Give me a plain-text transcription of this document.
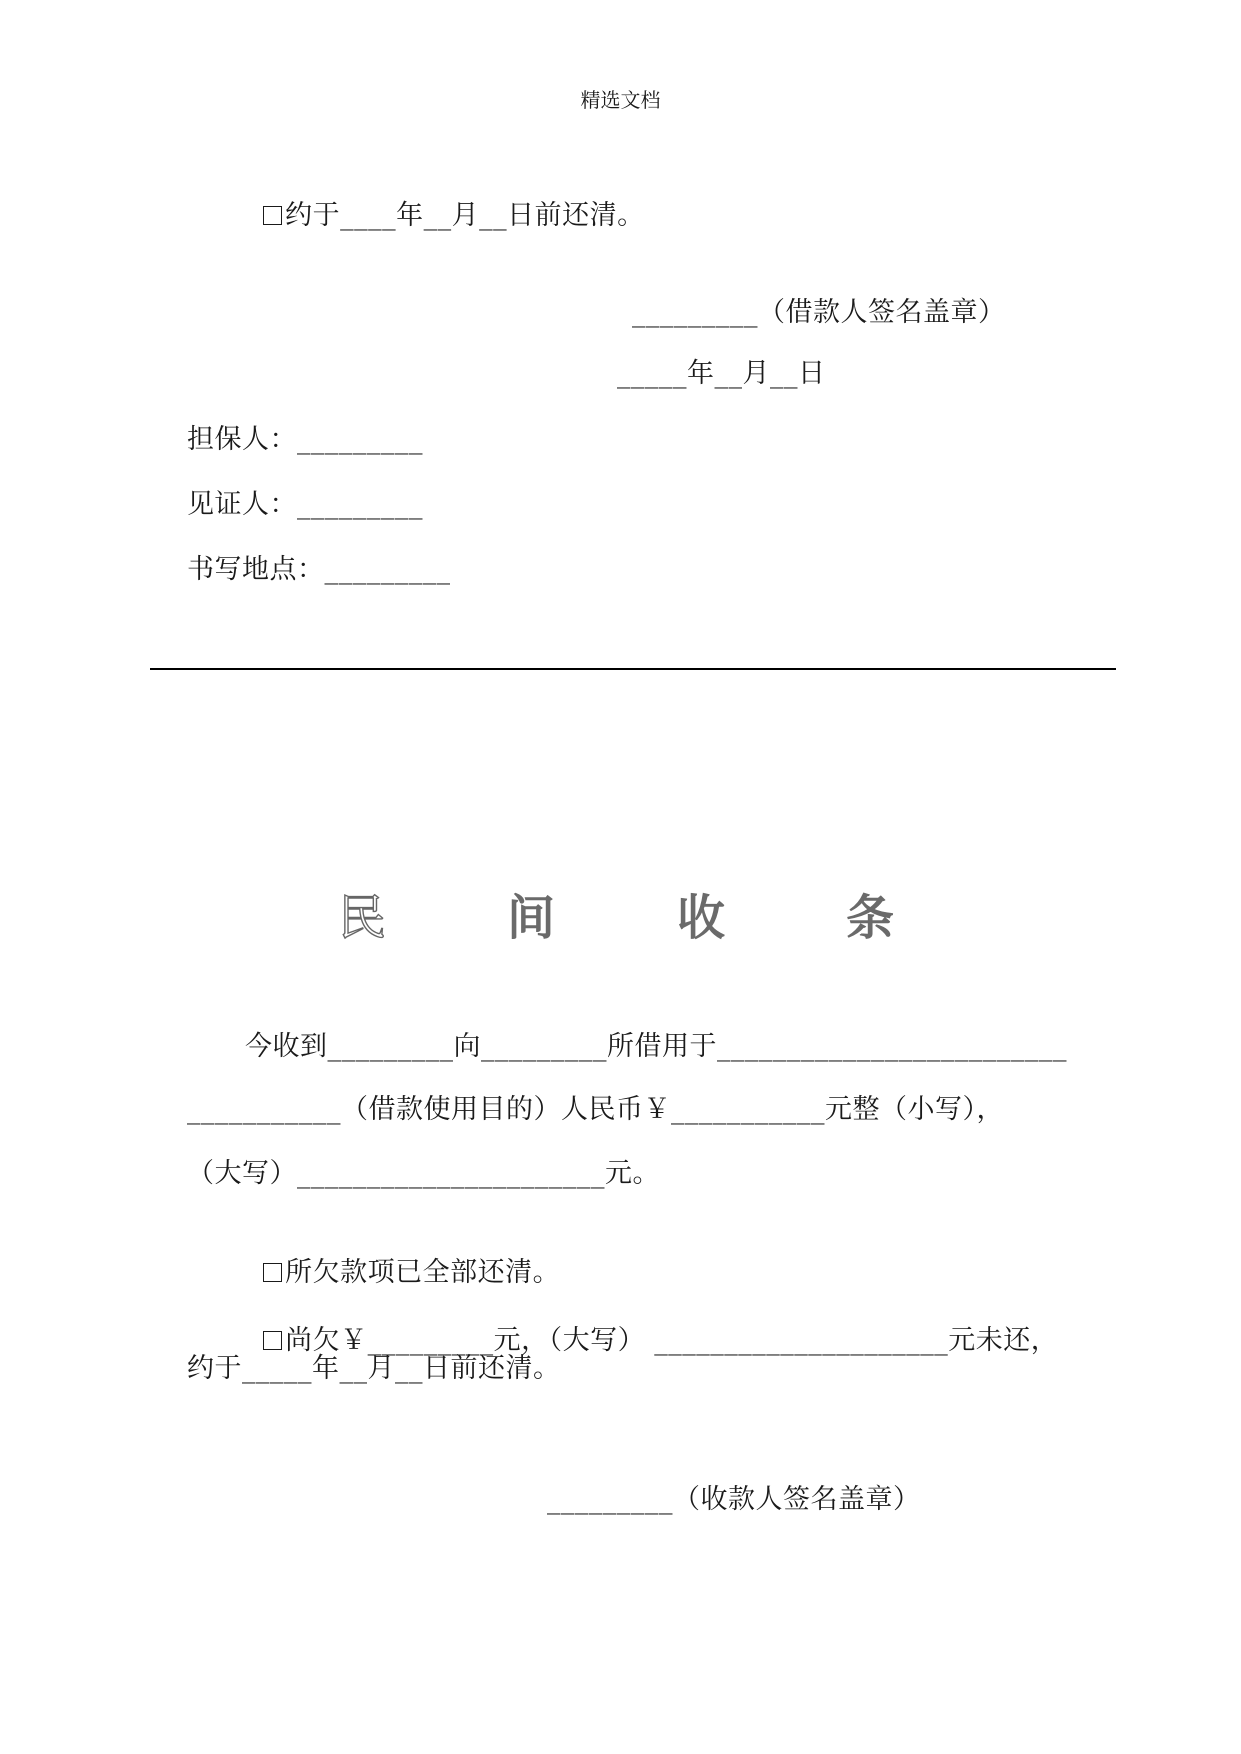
精选文档

约于____年__月__日前还清。

_________（借款人签名盖章）
_____年__月__日
担保人：_________
见证人：_________
书写地点：_________
民	间	收	条
今收到_________向_________所借用于_________________________
___________（借款使用目的）人民币￥___________元整（小写），
（大写）______________________元。

所欠款项已全部还清。

尚欠￥_________元，（大写） _____________________元未还，

约于_____年__月__日前还清。
_________（收款人签名盖章）
